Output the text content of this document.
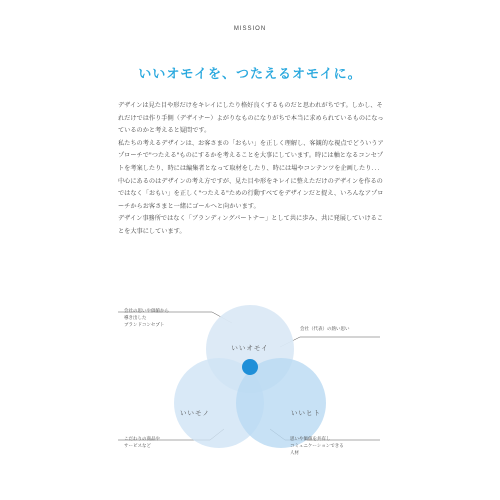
MISSION
いいオモイを、つたえるオモイに。

デザインは見た目や形だけをキレイにしたり格好良くするものだと思われがちです。しかし、それだけでは作り手側（デザイナー）よがりなものになりがちで本当に求められているものになっているのかと考えると疑問です。

私たちの考えるデザインは、お客さまの「おもい」を正しく理解し、客観的な視点でどういうアプローチで"つたえる"ものにするかを考えることを大事にしています。時には軸となるコンセプトを考案したり、時には編集者となって取材をしたり、時には場やコンテンツを企画したり．．．中心にあるのはデザインの考え方ですが、見た目や形をキレイに整えただけのデザインを作るのではなく「おもい」を正しく"つたえる"ための行動すべてをデザインだと捉え、いろんなアプローチからお客さまと一緒にゴールへと向かいます。

デザイン事務所ではなく「ブランディングパートナー」として共に歩み、共に発展していけることを大事にしています。

会社の思いや価値から
導き出した
ブランドコンセプト
会社（代表）の熱い思い
こだわりの商品や
サービスなど
思いや価値を共有し
コミュニケーションできる
人材
いいオモイ
いいモノ	いいヒト
